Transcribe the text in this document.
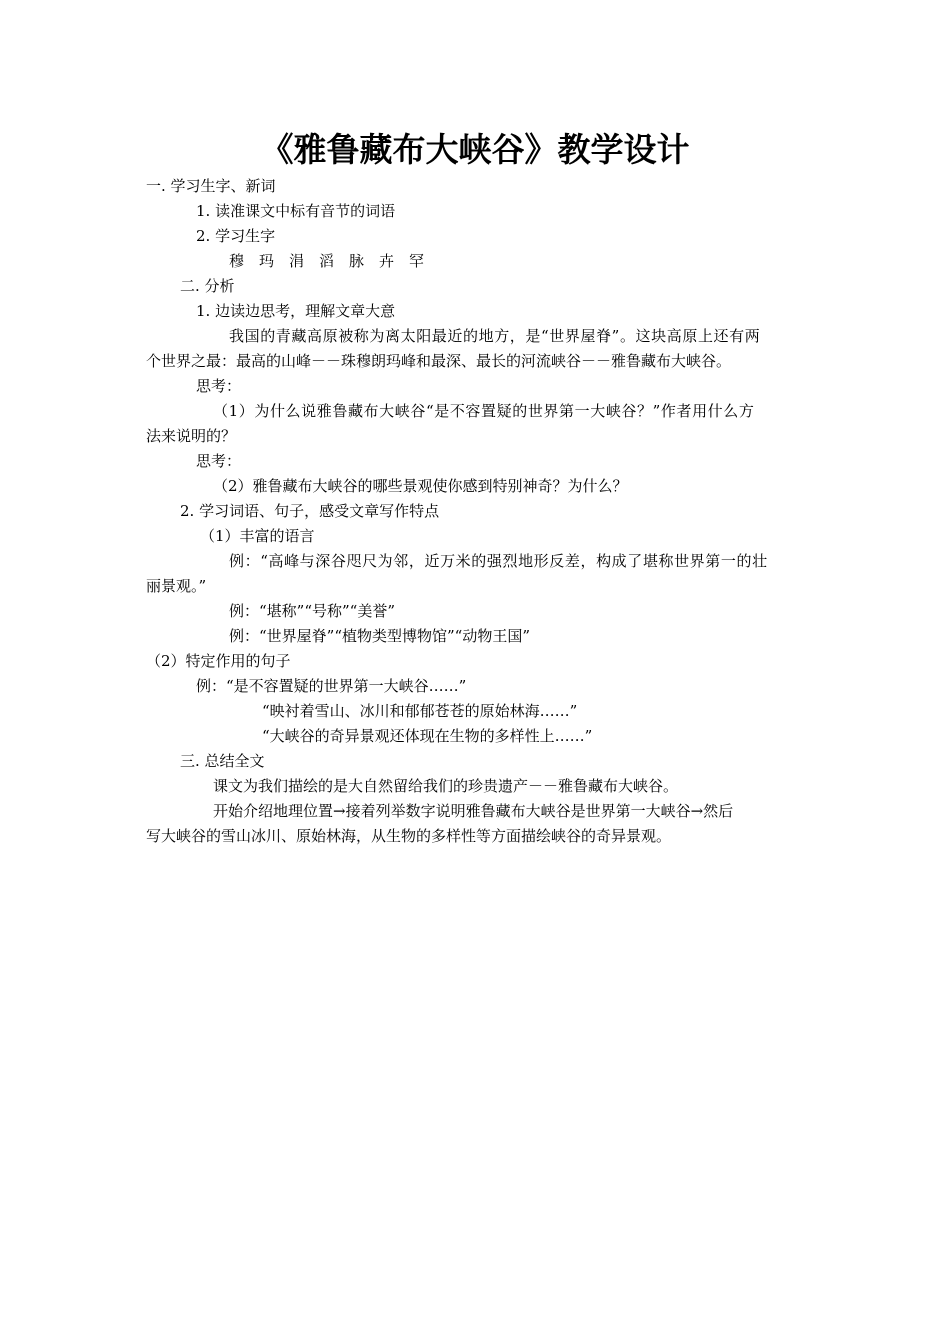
《雅鲁藏布大峡谷》教学设计
一. 学习生字、新词
1. 读准课文中标有音节的词语
2. 学习生字
穆　玛　涓　滔　脉　卉　罕
二. 分析
1. 边读边思考，理解文章大意
我国的青藏高原被称为离太阳最近的地方，是“世界屋脊”。这块高原上还有两
个世界之最：最高的山峰－－珠穆朗玛峰和最深、最长的河流峡谷－－雅鲁藏布大峡谷。
思考：
（1）为什么说雅鲁藏布大峡谷“是不容置疑的世界第一大峡谷？”作者用什么方
法来说明的？
思考：
（2）雅鲁藏布大峡谷的哪些景观使你感到特别神奇？为什么？
2. 学习词语、句子，感受文章写作特点
（1）丰富的语言
例：“高峰与深谷咫尺为邻，近万米的强烈地形反差，构成了堪称世界第一的壮
丽景观。”
例：“堪称”“号称”“美誉”
例：“世界屋脊”“植物类型博物馆”“动物王国”
（2）特定作用的句子
例：“是不容置疑的世界第一大峡谷……”
“映衬着雪山、冰川和郁郁苍苍的原始林海……”
“大峡谷的奇异景观还体现在生物的多样性上……”
三. 总结全文
课文为我们描绘的是大自然留给我们的珍贵遗产－－雅鲁藏布大峡谷。
开始介绍地理位置→接着列举数字说明雅鲁藏布大峡谷是世界第一大峡谷→然后
写大峡谷的雪山冰川、原始林海，从生物的多样性等方面描绘峡谷的奇异景观。
